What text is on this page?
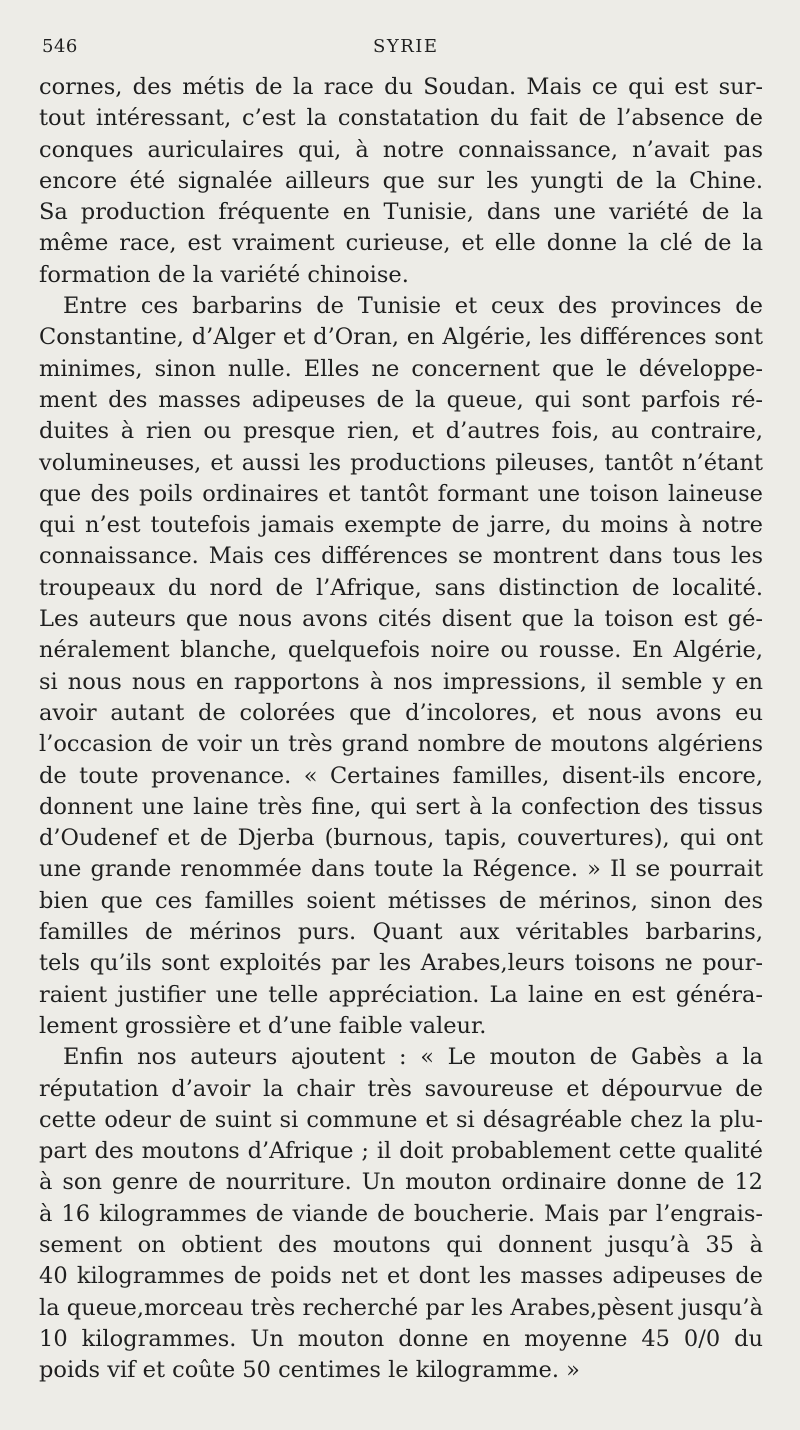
546	SYRIE
cornes, des métis de la race du Soudan. Mais ce qui est sur-
tout intéressant, c’est la constatation du fait de l’absence de
conques auriculaires qui, à notre connaissance, n’avait pas
encore été signalée ailleurs que sur les yungti de la Chine.
Sa production fréquente en Tunisie, dans une variété de la
même race, est vraiment curieuse, et elle donne la clé de la
formation de la variété chinoise.
Entre ces barbarins de Tunisie et ceux des provinces de
Constantine, d’Alger et d’Oran, en Algérie, les différences sont
minimes, sinon nulle. Elles ne concernent que le développe-
ment des masses adipeuses de la queue, qui sont parfois ré-
duites à rien ou presque rien, et d’autres fois, au contraire,
volumineuses, et aussi les productions pileuses, tantôt n’étant
que des poils ordinaires et tantôt formant une toison laineuse
qui n’est toutefois jamais exempte de jarre, du moins à notre
connaissance. Mais ces différences se montrent dans tous les
troupeaux du nord de l’Afrique, sans distinction de localité.
Les auteurs que nous avons cités disent que la toison est gé-
néralement blanche, quelquefois noire ou rousse. En Algérie,
si nous nous en rapportons à nos impressions, il semble y en
avoir autant de colorées que d’incolores, et nous avons eu
l’occasion de voir un très grand nombre de moutons algériens
de toute provenance. « Certaines familles, disent-ils encore,
donnent une laine très fine, qui sert à la confection des tissus
d’Oudenef et de Djerba (burnous, tapis, couvertures), qui ont
une grande renommée dans toute la Régence. » Il se pourrait
bien que ces familles soient métisses de mérinos, sinon des
familles de mérinos purs. Quant aux véritables barbarins,
tels qu’ils sont exploités par les Arabes,leurs toisons ne pour-
raient justifier une telle appréciation. La laine en est généra-
lement grossière et d’une faible valeur.
Enfin nos auteurs ajoutent : « Le mouton de Gabès a la
réputation d’avoir la chair très savoureuse et dépourvue de
cette odeur de suint si commune et si désagréable chez la plu-
part des moutons d’Afrique ; il doit probablement cette qualité
à son genre de nourriture. Un mouton ordinaire donne de 12
à 16 kilogrammes de viande de boucherie. Mais par l’engrais-
sement on obtient des moutons qui donnent jusqu’à 35 à
40 kilogrammes de poids net et dont les masses adipeuses de
la queue,morceau très recherché par les Arabes,pèsent jusqu’à
10 kilogrammes. Un mouton donne en moyenne 45 0/0 du
poids vif et coûte 50 centimes le kilogramme. »
